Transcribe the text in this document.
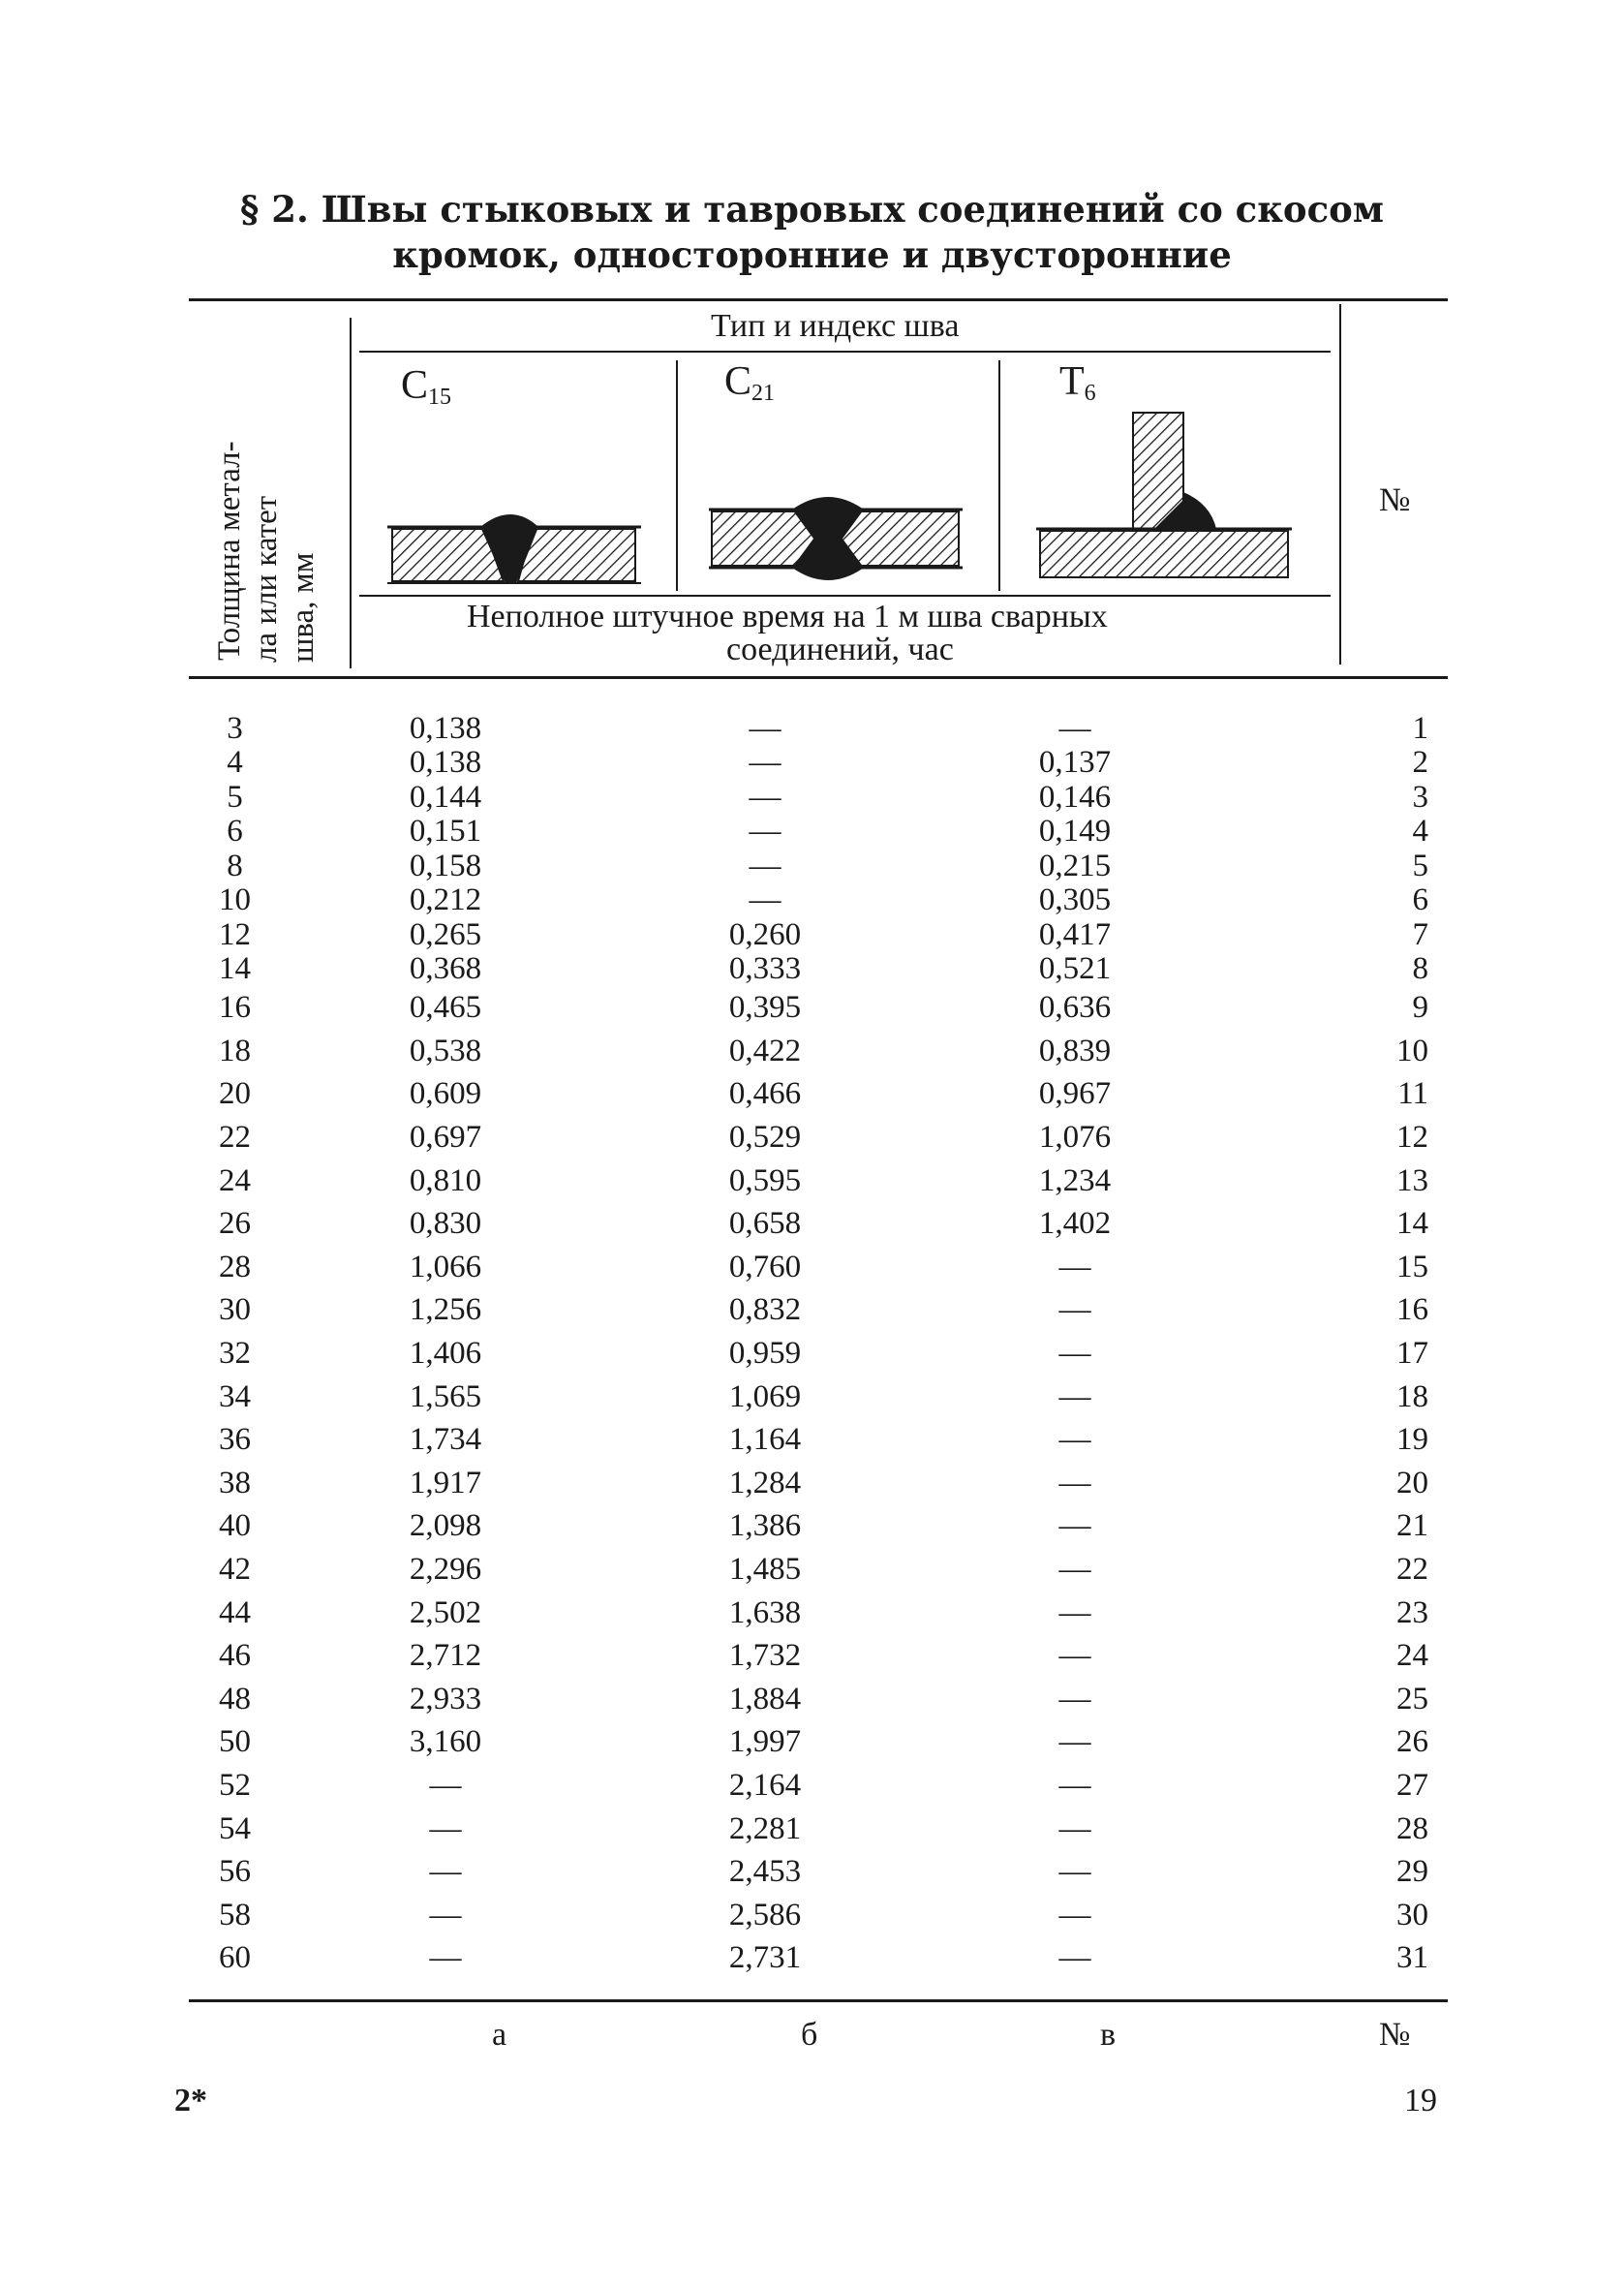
§ 2. Швы стыковых и тавровых соединений со скосом
кромок, односторонние и двусторонние
Толщина метал- ла или катет шва, мм
Тип и индекс шва
№
$C_{15}$	$C_{21}$	$T_6$
Неполное штучное время на 1 м шва сварных
соединений, час
3	0,138	—	—	1
4	0,138	—	0,137	2
5	0,144	—	0,146	3
6	0,151	—	0,149	4
8	0,158	—	0,215	5
10	0,212	—	0,305	6
12	0,265	0,260	0,417	7
14	0,368	0,333	0,521	8
16	0,465	0,395	0,636	9
18	0,538	0,422	0,839	10
20	0,609	0,466	0,967	11
22	0,697	0,529	1,076	12
24	0,810	0,595	1,234	13
26	0,830	0,658	1,402	14
28	1,066	0,760	—	15
30	1,256	0,832	—	16
32	1,406	0,959	—	17
34	1,565	1,069	—	18
36	1,734	1,164	—	19
38	1,917	1,284	—	20
40	2,098	1,386	—	21
42	2,296	1,485	—	22
44	2,502	1,638	—	23
46	2,712	1,732	—	24
48	2,933	1,884	—	25
50	3,160	1,997	—	26
52	—	2,164	—	27
54	—	2,281	—	28
56	—	2,453	—	29
58	—	2,586	—	30
60	—	2,731	—	31
а	б	в	№
2*	19
